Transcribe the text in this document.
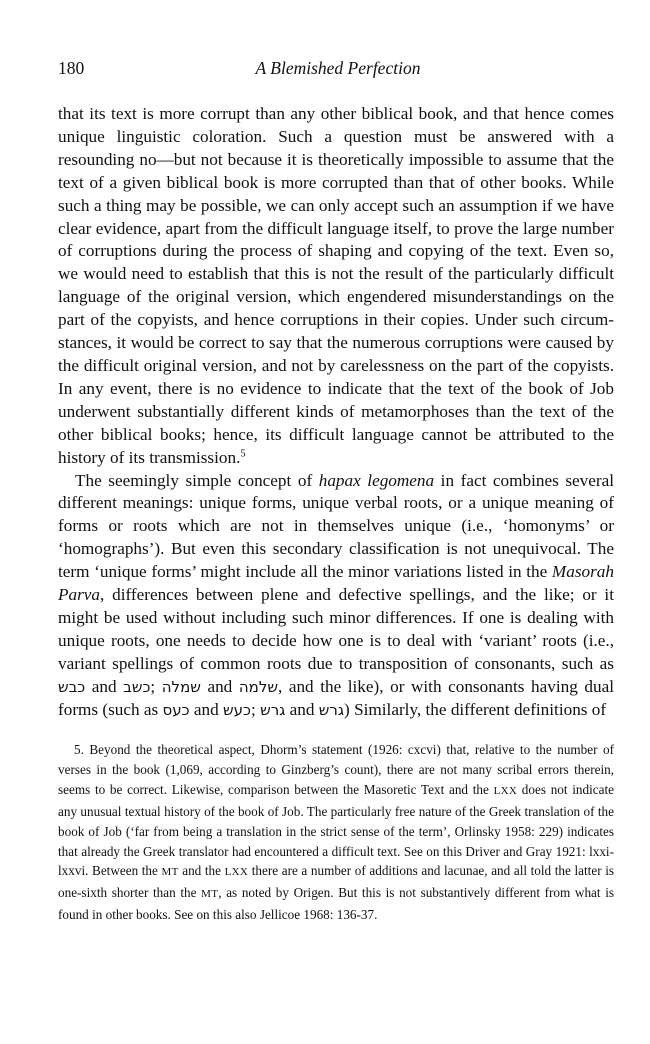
180	A Blemished Perfection

that its text is more corrupt than any other biblical book, and that hence comes unique linguistic coloration. Such a question must be answered with a resounding no—but not because it is theoretically impossible to assume that the text of a given biblical book is more corrupted than that of other books. While such a thing may be possible, we can only accept such an assumption if we have clear evidence, apart from the difficult language itself, to prove the large number of corruptions during the process of shaping and copying of the text. Even so, we would need to establish that this is not the result of the particularly difficult language of the original version, which engendered misunderstandings on the part of the copyists, and hence corruptions in their copies. Under such circumstances, it would be correct to say that the numerous corruptions were caused by the difficult original version, and not by carelessness on the part of the copyists. In any event, there is no evidence to indicate that the text of the book of Job underwent substantially different kinds of metamorphoses than the text of the other biblical books; hence, its difficult language cannot be attributed to the history of its transmission.$^5$

The seemingly simple concept of hapax legomena in fact combines several different meanings: unique forms, unique verbal roots, or a unique meaning of forms or roots which are not in themselves unique (i.e., ‘homonyms’ or ‘homographs’). But even this secondary classification is not unequivocal. The term ‘unique forms’ might include all the minor variations listed in the Masorah Parva, differences between plene and defective spellings, and the like; or it might be used without including such minor differences. If one is dealing with unique roots, one needs to decide how one is to deal with ‘variant’ roots (i.e., variant spellings of common roots due to transposition of consonants, such as כבש and כשב; שמלה and שלמה, and the like), or with consonants having dual forms (such as כעס and כעש; גרש and גרש) Similarly, the different definitions of

5. Beyond the theoretical aspect, Dhorm’s statement (1926: cxcvi) that, relative to the number of verses in the book (1,069, according to Ginzberg’s count), there are not many scribal errors therein, seems to be correct. Likewise, comparison between the Masoretic Text and the LXX does not indicate any unusual textual history of the book of Job. The particularly free nature of the Greek translation of the book of Job (‘far from being a translation in the strict sense of the term’, Orlinsky 1958: 229) indicates that already the Greek translator had encountered a difficult text. See on this Driver and Gray 1921: lxxi-lxxvi. Between the MT and the LXX there are a number of additions and lacunae, and all told the latter is one-sixth shorter than the MT, as noted by Origen. But this is not substantively different from what is found in other books. See on this also Jellicoe 1968: 136-37.
